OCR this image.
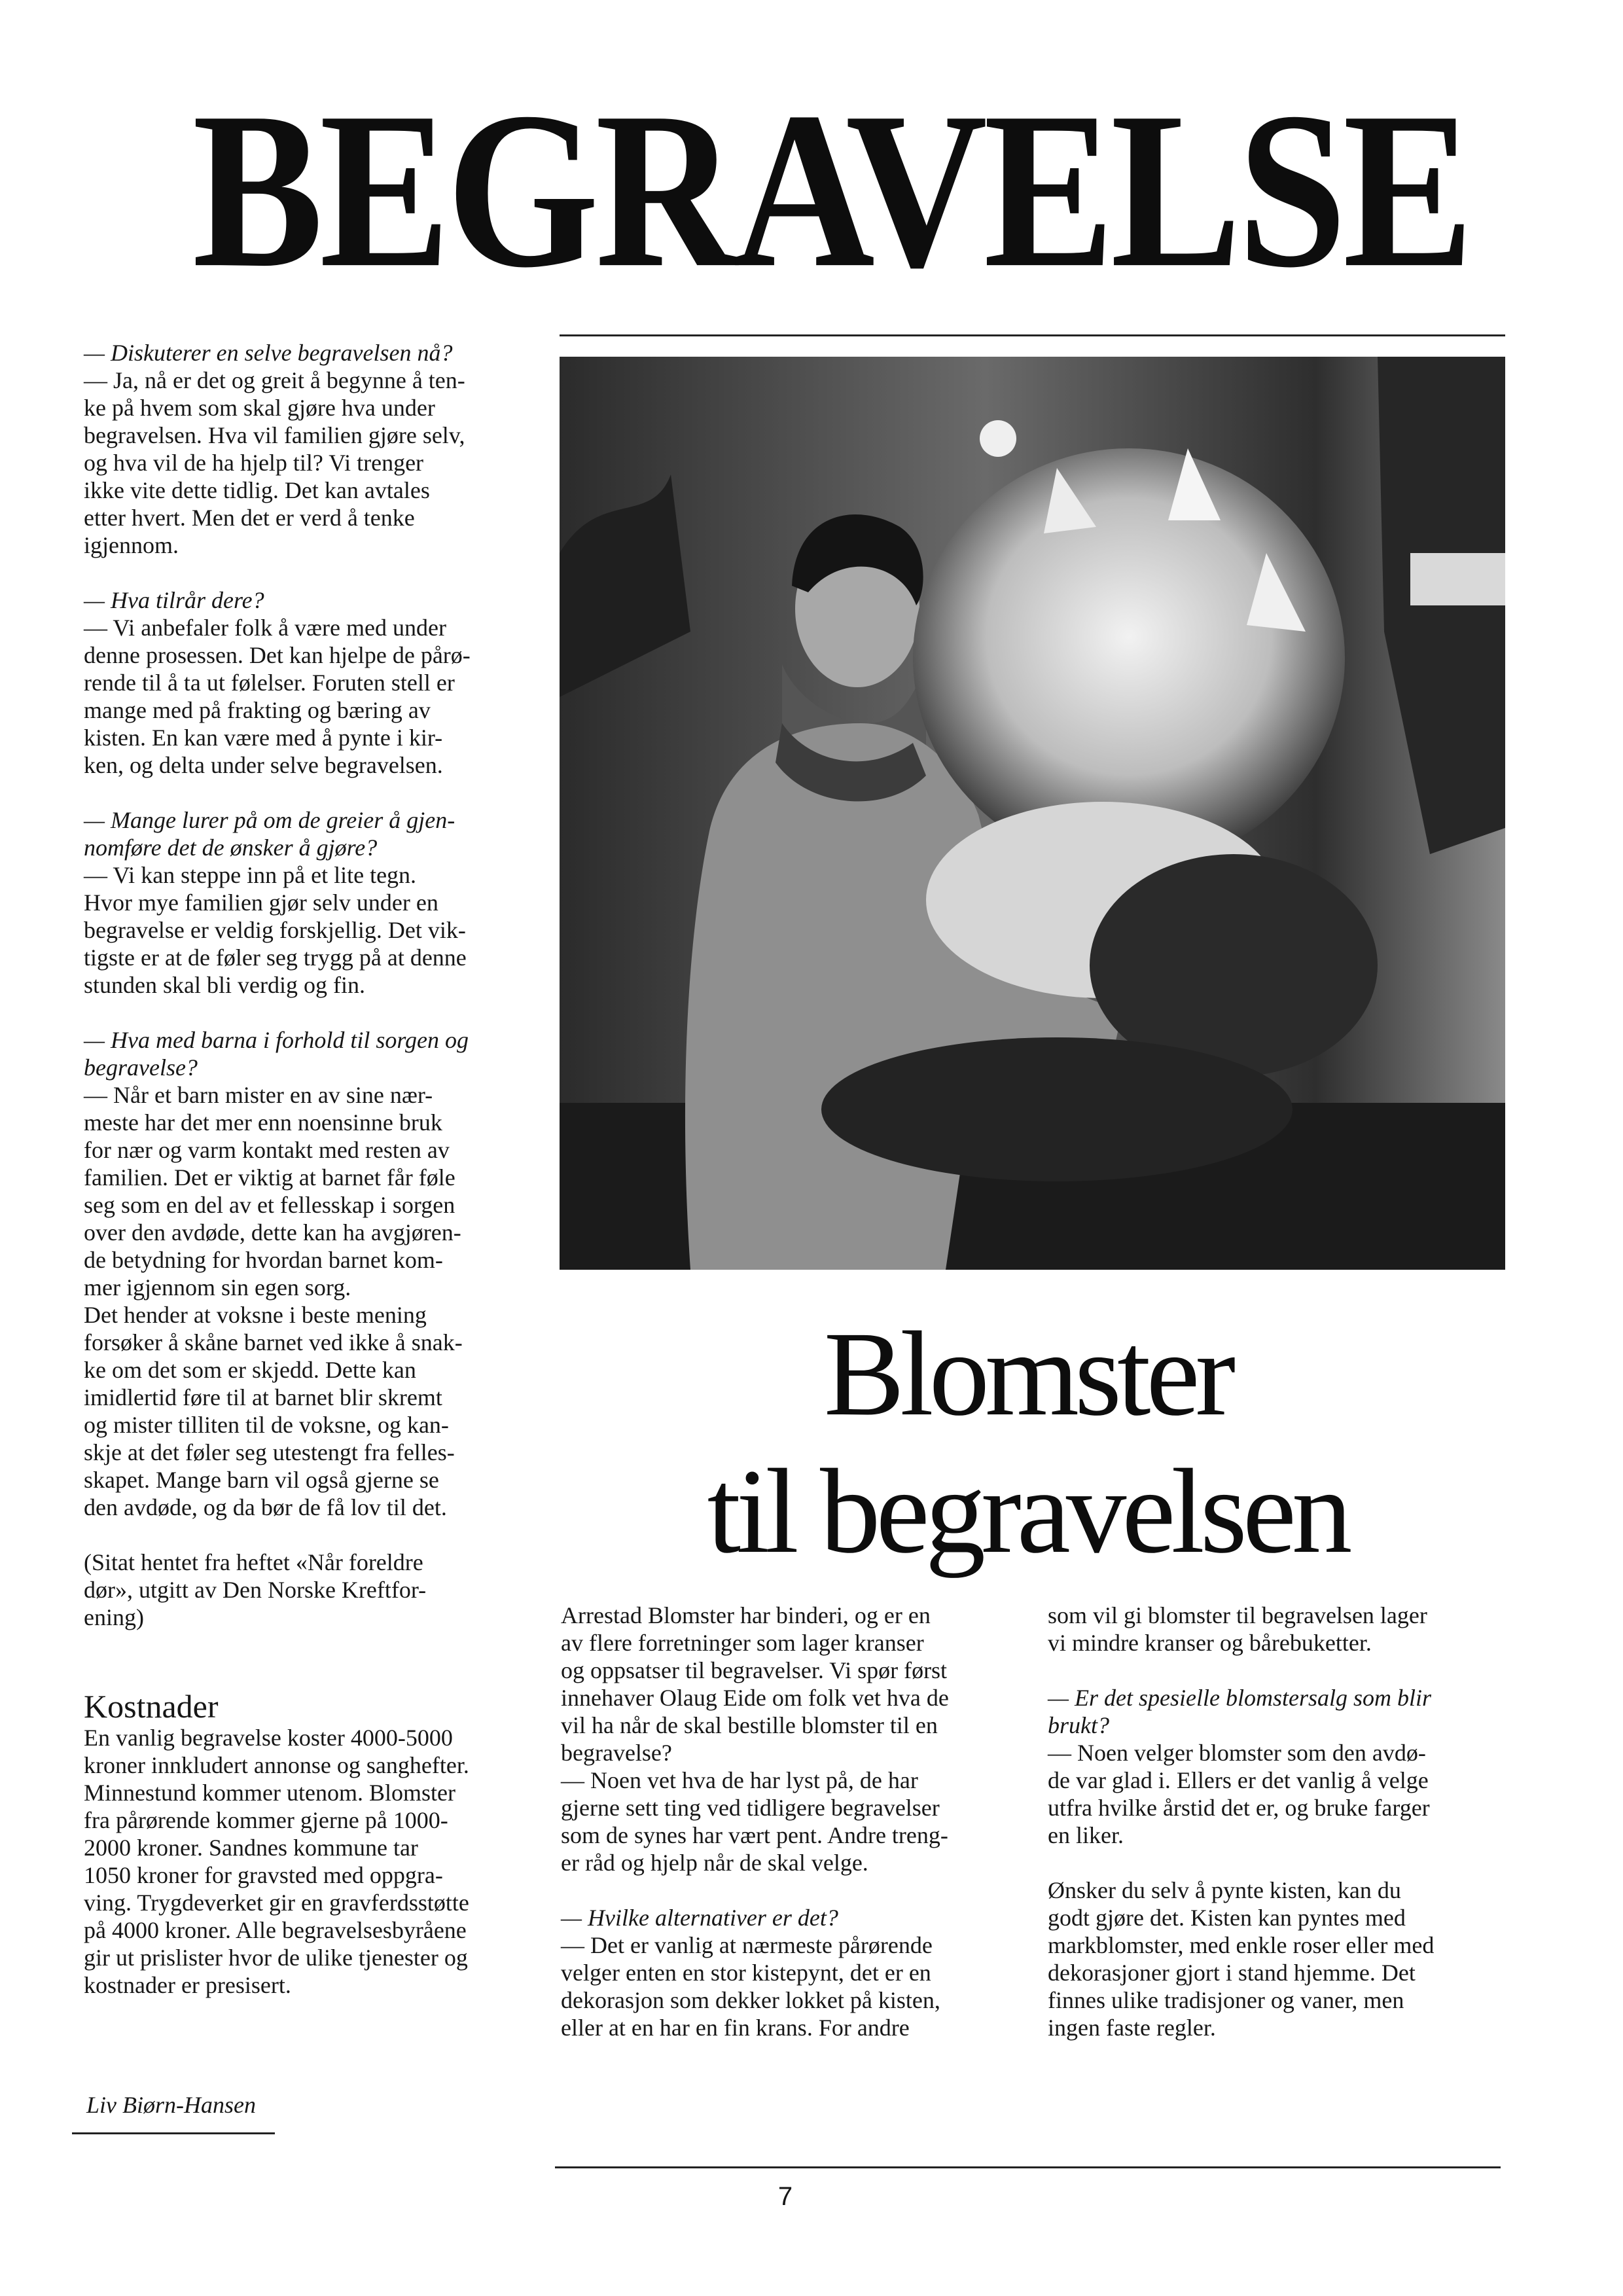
BEGRAVELSE
— Diskuterer en selve begravelsen nå?
— Ja, nå er det og greit å begynne å ten-
ke på hvem som skal gjøre hva under
begravelsen. Hva vil familien gjøre selv,
og hva vil de ha hjelp til? Vi trenger
ikke vite dette tidlig. Det kan avtales
etter hvert. Men det er verd å tenke
igjennom.
— Hva tilrår dere?
— Vi anbefaler folk å være med under
denne prosessen. Det kan hjelpe de pårø-
rende til å ta ut følelser. Foruten stell er
mange med på frakting og bæring av
kisten. En kan være med å pynte i kir-
ken, og delta under selve begravelsen.
— Mange lurer på om de greier å gjen-
nomføre det de ønsker å gjøre?
— Vi kan steppe inn på et lite tegn.
Hvor mye familien gjør selv under en
begravelse er veldig forskjellig. Det vik-
tigste er at de føler seg trygg på at denne
stunden skal bli verdig og fin.
— Hva med barna i forhold til sorgen og
begravelse?
— Når et barn mister en av sine nær-
meste har det mer enn noensinne bruk
for nær og varm kontakt med resten av
familien. Det er viktig at barnet får føle
seg som en del av et fellesskap i sorgen
over den avdøde, dette kan ha avgjøren-
de betydning for hvordan barnet kom-
mer igjennom sin egen sorg.
Det hender at voksne i beste mening
forsøker å skåne barnet ved ikke å snak-
ke om det som er skjedd. Dette kan
imidlertid føre til at barnet blir skremt
og mister tilliten til de voksne, og kan-
skje at det føler seg utestengt fra felles-
skapet. Mange barn vil også gjerne se
den avdøde, og da bør de få lov til det.
(Sitat hentet fra heftet «Når foreldre
dør», utgitt av Den Norske Kreftfor-
ening)
Kostnader
En vanlig begravelse koster 4000-5000
kroner innkludert annonse og sanghefter.
Minnestund kommer utenom. Blomster
fra pårørende kommer gjerne på 1000-
2000 kroner. Sandnes kommune tar
1050 kroner for gravsted med oppgra-
ving. Trygdeverket gir en gravferdsstøtte
på 4000 kroner. Alle begravelsesbyråene
gir ut prislister hvor de ulike tjenester og
kostnader er presisert.
Blomster
til begravelsen
Arrestad Blomster har binderi, og er en
av flere forretninger som lager kranser
og oppsatser til begravelser. Vi spør først
innehaver Olaug Eide om folk vet hva de
vil ha når de skal bestille blomster til en
begravelse?
— Noen vet hva de har lyst på, de har
gjerne sett ting ved tidligere begravelser
som de synes har vært pent. Andre treng-
er råd og hjelp når de skal velge.
— Hvilke alternativer er det?
— Det er vanlig at nærmeste pårørende
velger enten en stor kistepynt, det er en
dekorasjon som dekker lokket på kisten,
eller at en har en fin krans. For andre
som vil gi blomster til begravelsen lager
vi mindre kranser og bårebuketter.
— Er det spesielle blomstersalg som blir
brukt?
— Noen velger blomster som den avdø-
de var glad i. Ellers er det vanlig å velge
utfra hvilke årstid det er, og bruke farger
en liker.
Ønsker du selv å pynte kisten, kan du
godt gjøre det. Kisten kan pyntes med
markblomster, med enkle roser eller med
dekorasjoner gjort i stand hjemme. Det
finnes ulike tradisjoner og vaner, men
ingen faste regler.
Liv Biørn-Hansen
7
